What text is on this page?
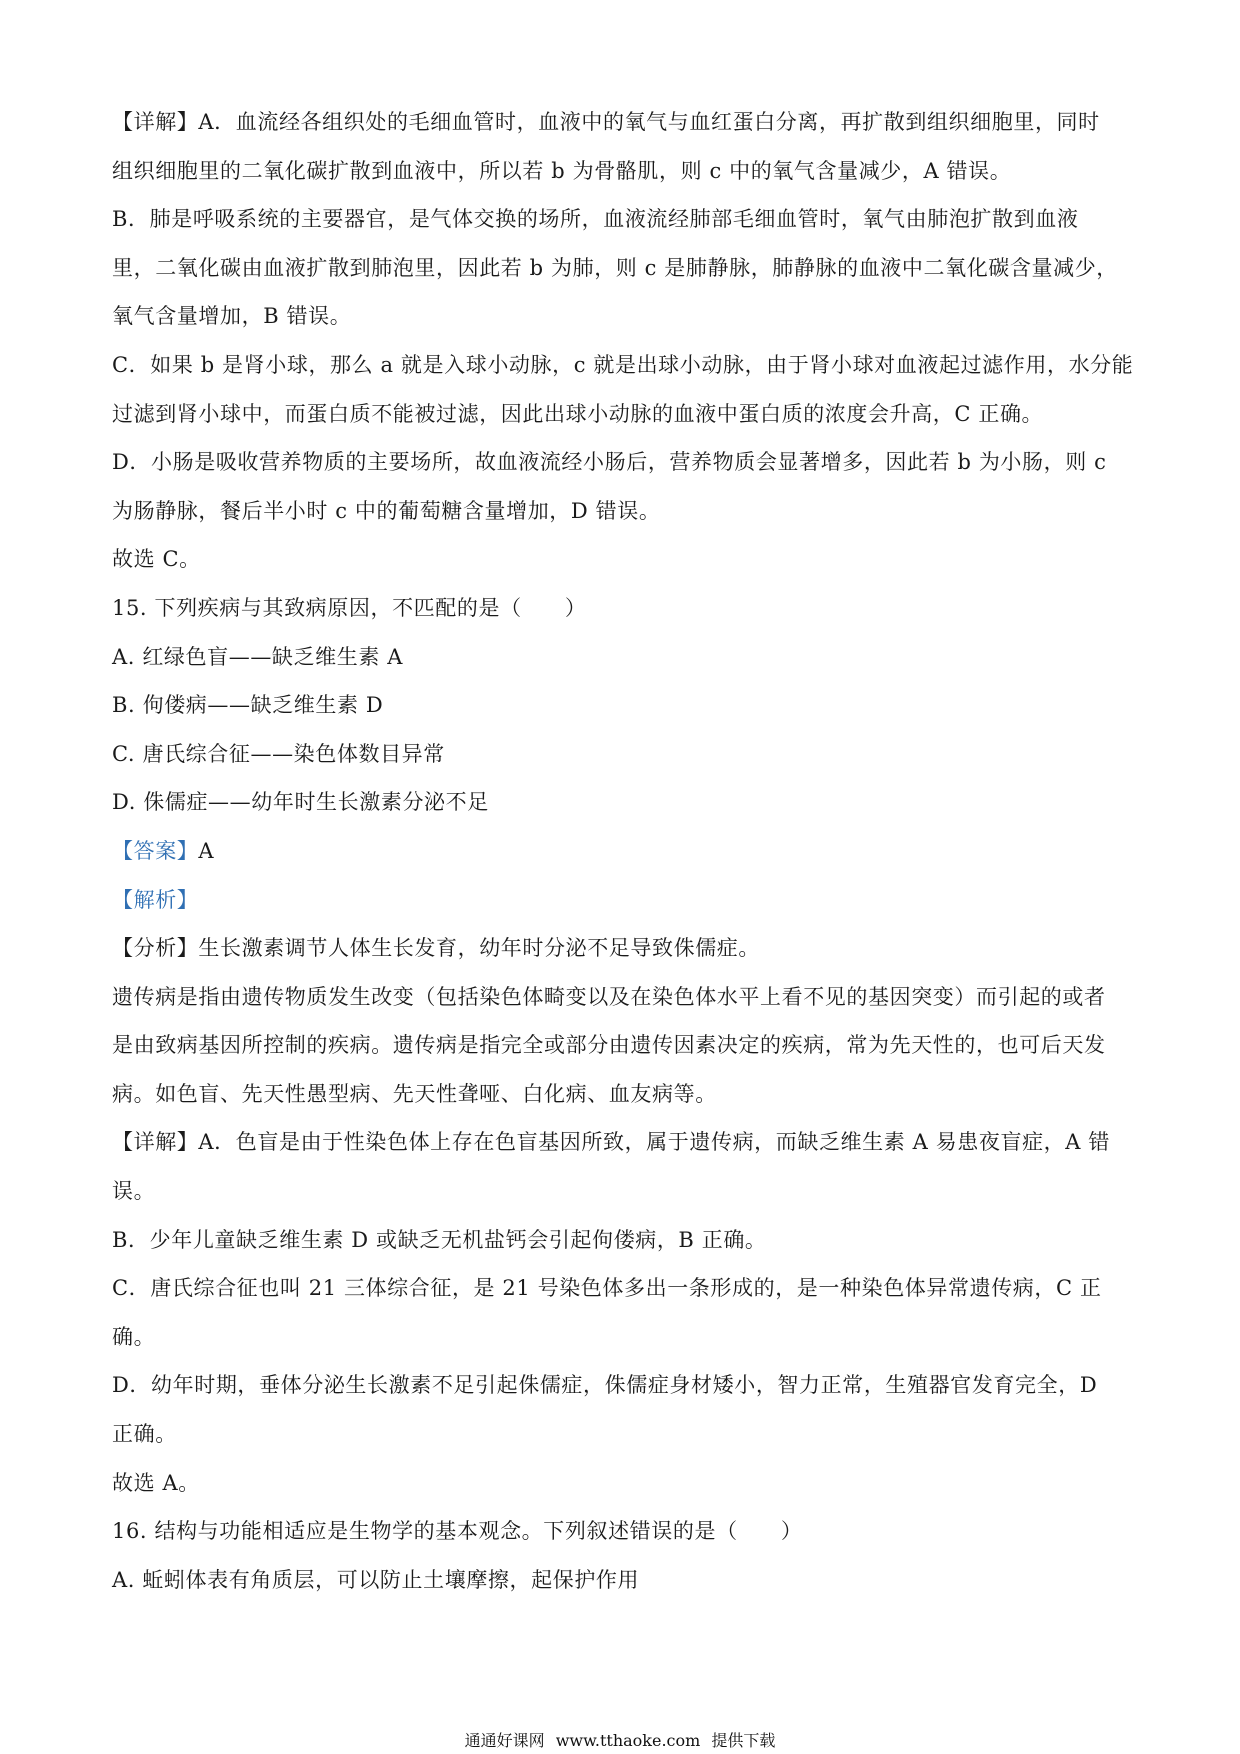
【详解】A．血流经各组织处的毛细血管时，血液中的氧气与血红蛋白分离，再扩散到组织细胞里，同时
组织细胞里的二氧化碳扩散到血液中，所以若 b 为骨骼肌，则 c 中的氧气含量减少，A 错误。
B．肺是呼吸系统的主要器官，是气体交换的场所，血液流经肺部毛细血管时，氧气由肺泡扩散到血液
里，二氧化碳由血液扩散到肺泡里，因此若 b 为肺，则 c 是肺静脉，肺静脉的血液中二氧化碳含量减少，
氧气含量增加，B 错误。
C．如果 b 是肾小球，那么 a 就是入球小动脉，c 就是出球小动脉，由于肾小球对血液起过滤作用，水分能
过滤到肾小球中，而蛋白质不能被过滤，因此出球小动脉的血液中蛋白质的浓度会升高，C 正确。
D．小肠是吸收营养物质的主要场所，故血液流经小肠后，营养物质会显著增多，因此若 b 为小肠，则 c
为肠静脉，餐后半小时 c 中的葡萄糖含量增加，D 错误。
故选 C。
15. 下列疾病与其致病原因，不匹配的是（　　）
A. 红绿色盲——缺乏维生素 A
B. 佝偻病——缺乏维生素 D
C. 唐氏综合征——染色体数目异常
D. 侏儒症——幼年时生长激素分泌不足
【答案】A
【解析】
【分析】生长激素调节人体生长发育，幼年时分泌不足导致侏儒症。
遗传病是指由遗传物质发生改变（包括染色体畸变以及在染色体水平上看不见的基因突变）而引起的或者
是由致病基因所控制的疾病。遗传病是指完全或部分由遗传因素决定的疾病，常为先天性的，也可后天发
病。如色盲、先天性愚型病、先天性聋哑、白化病、血友病等。
【详解】A．色盲是由于性染色体上存在色盲基因所致，属于遗传病，而缺乏维生素 A 易患夜盲症，A 错
误。
B．少年儿童缺乏维生素 D 或缺乏无机盐钙会引起佝偻病，B 正确。
C．唐氏综合征也叫 21 三体综合征，是 21 号染色体多出一条形成的，是一种染色体异常遗传病，C 正
确。
D．幼年时期，垂体分泌生长激素不足引起侏儒症，侏儒症身材矮小，智力正常，生殖器官发育完全，D
正确。
故选 A。
16. 结构与功能相适应是生物学的基本观念。下列叙述错误的是（　　）
A. 蚯蚓体表有角质层，可以防止土壤摩擦，起保护作用
通通好课网 www.tthaoke.com 提供下载
